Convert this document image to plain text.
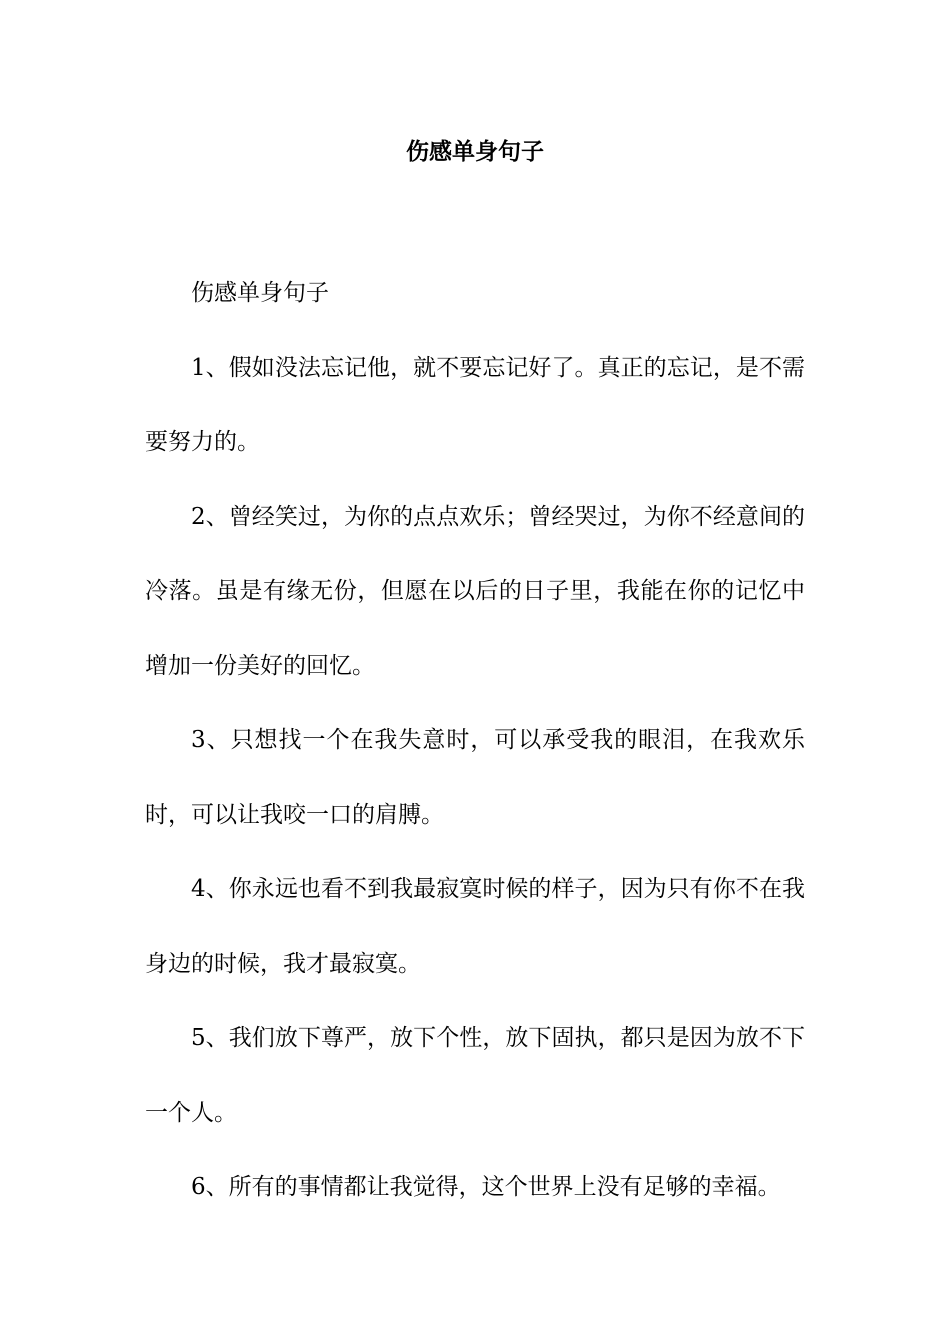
伤感单身句子

伤感单身句子

1、假如没法忘记他，就不要忘记好了。真正的忘记，是不需要努力的。

2、曾经笑过，为你的点点欢乐；曾经哭过，为你不经意间的冷落。虽是有缘无份，但愿在以后的日子里，我能在你的记忆中增加一份美好的回忆。

3、只想找一个在我失意时，可以承受我的眼泪，在我欢乐时，可以让我咬一口的肩膊。

4、你永远也看不到我最寂寞时候的样子，因为只有你不在我身边的时候，我才最寂寞。

5、我们放下尊严，放下个性，放下固执，都只是因为放不下一个人。

6、所有的事情都让我觉得，这个世界上没有足够的幸福。
